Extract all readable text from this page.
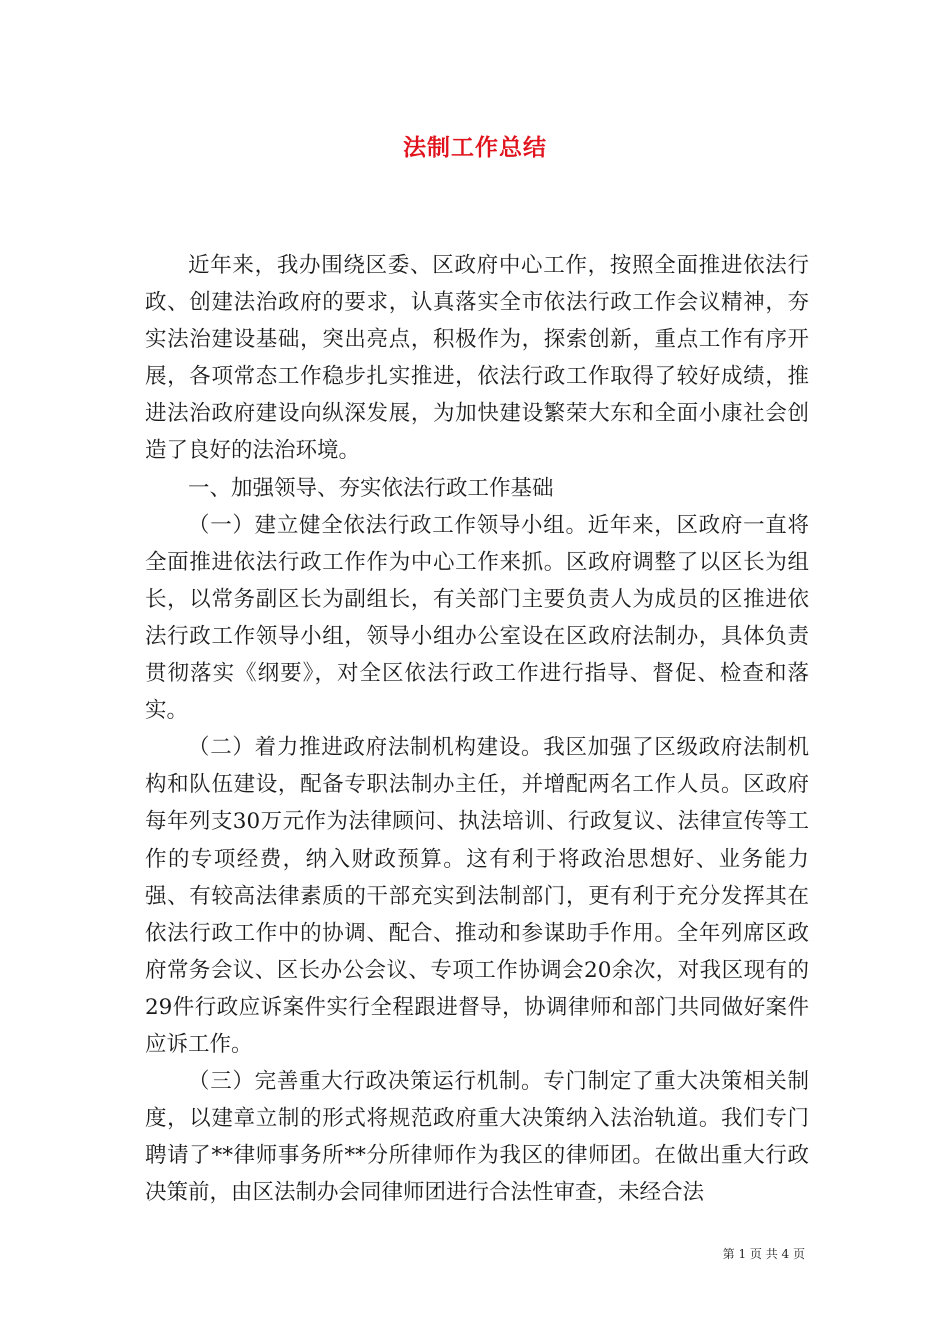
法制工作总结

近年来，我办围绕区委、区政府中心工作，按照全面推进依法行政、创建法治政府的要求，认真落实全市依法行政工作会议精神，夯实法治建设基础，突出亮点，积极作为，探索创新，重点工作有序开展，各项常态工作稳步扎实推进，依法行政工作取得了较好成绩，推进法治政府建设向纵深发展，为加快建设繁荣大东和全面小康社会创造了良好的法治环境。

一、加强领导、夯实依法行政工作基础

（一）建立健全依法行政工作领导小组。近年来，区政府一直将全面推进依法行政工作作为中心工作来抓。区政府调整了以区长为组长，以常务副区长为副组长，有关部门主要负责人为成员的区推进依法行政工作领导小组，领导小组办公室设在区政府法制办，具体负责贯彻落实《纲要》，对全区依法行政工作进行指导、督促、检查和落实。

（二）着力推进政府法制机构建设。我区加强了区级政府法制机构和队伍建设，配备专职法制办主任，并增配两名工作人员。区政府每年列支30万元作为法律顾问、执法培训、行政复议、法律宣传等工作的专项经费，纳入财政预算。这有利于将政治思想好、业务能力强、有较高法律素质的干部充实到法制部门，更有利于充分发挥其在依法行政工作中的协调、配合、推动和参谋助手作用。全年列席区政府常务会议、区长办公会议、专项工作协调会20余次，对我区现有的29件行政应诉案件实行全程跟进督导，协调律师和部门共同做好案件应诉工作。

（三）完善重大行政决策运行机制。专门制定了重大决策相关制度，以建章立制的形式将规范政府重大决策纳入法治轨道。我们专门聘请了**律师事务所**分所律师作为我区的律师团。在做出重大行政决策前，由区法制办会同律师团进行合法性审查，未经合法

第 1 页 共 4 页
